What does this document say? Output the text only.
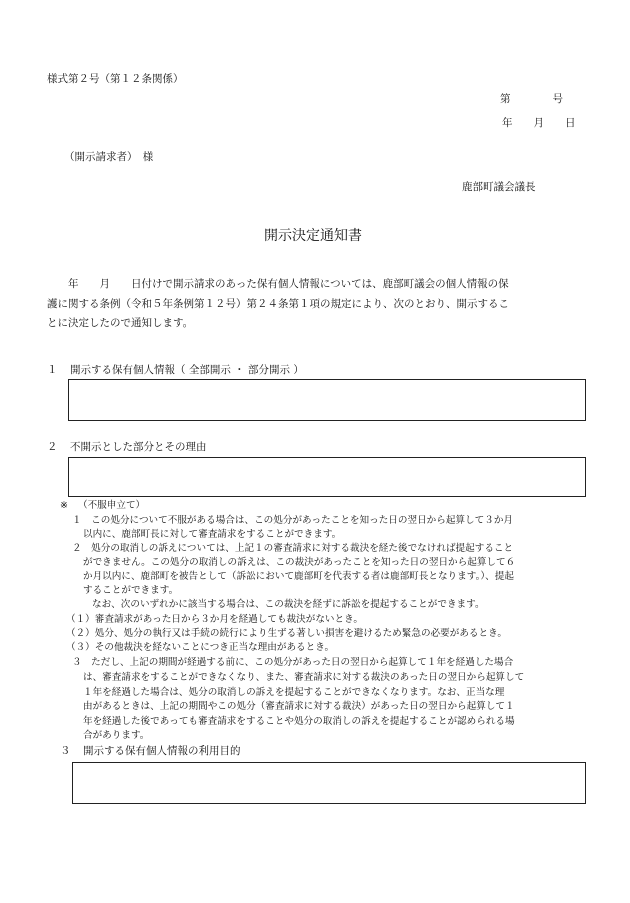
様式第２号（第１２条関係）
第　　　　号
年　　月　　日
（開示請求者）　様
鹿部町議会議長
開示決定通知書
　　年　　月　　日付けで開示請求のあった保有個人情報については、鹿部町議会の個人情報の保
護に関する条例（令和５年条例第１２号）第２４条第１項の規定により、次のとおり、開示するこ
とに決定したので通知します。
１ 開示する保有個人情報（ 全部開示 ・ 部分開示 ）
２ 不開示とした部分とその理由
※ （不服申立て）
１　この処分について不服がある場合は、この処分があったことを知った日の翌日から起算して３か月
以内に、鹿部町長に対して審査請求をすることができます。
２　処分の取消しの訴えについては、上記１の審査請求に対する裁決を経た後でなければ提起すること
ができません。この処分の取消しの訴えは、この裁決があったことを知った日の翌日から起算して６
か月以内に、鹿部町を被告として（訴訟において鹿部町を代表する者は鹿部町長となります。）、提起
することができます。
なお、次のいずれかに該当する場合は、この裁決を経ずに訴訟を提起することができます。
（１）審査請求があった日から３か月を経過しても裁決がないとき。
（２）処分、処分の執行又は手続の続行により生ずる著しい損害を避けるため緊急の必要があるとき。
（３）その他裁決を経ないことにつき正当な理由があるとき。
３　ただし、上記の期間が経過する前に、この処分があった日の翌日から起算して１年を経過した場合
は、審査請求をすることができなくなり、また、審査請求に対する裁決のあった日の翌日から起算して
１年を経過した場合は、処分の取消しの訴えを提起することができなくなります。なお、正当な理
由があるときは、上記の期間やこの処分（審査請求に対する裁決）があった日の翌日から起算して１
年を経過した後であっても審査請求をすることや処分の取消しの訴えを提起することが認められる場
合があります。
３ 開示する保有個人情報の利用目的
